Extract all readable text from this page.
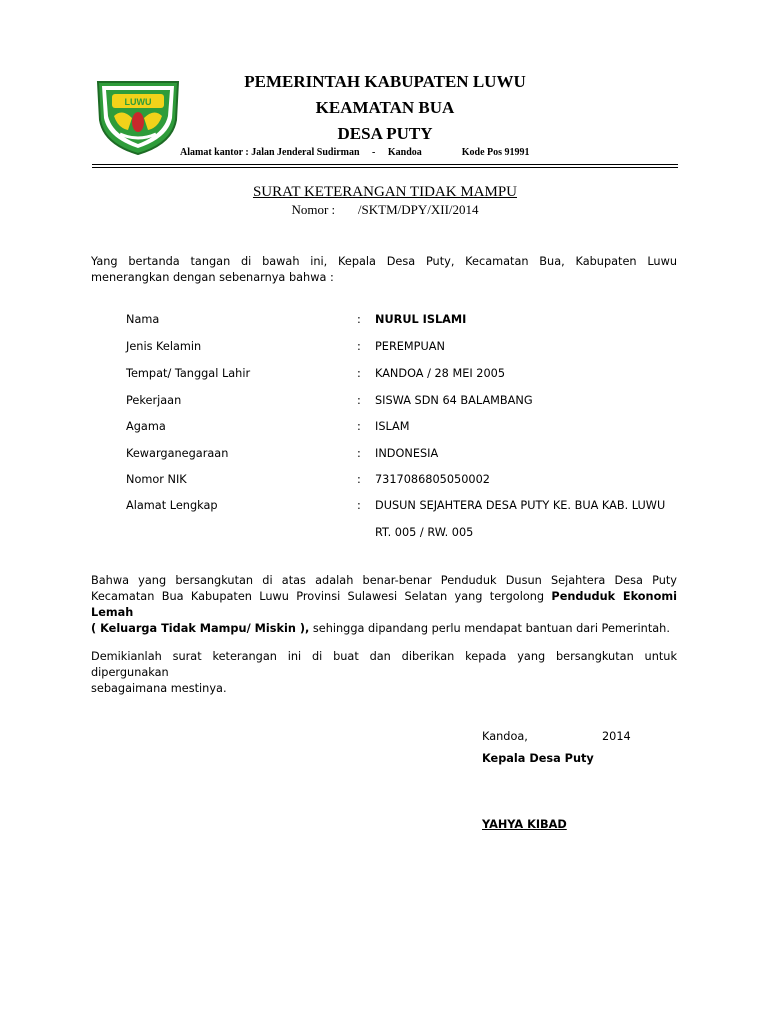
LUWU
PEMERINTAH KABUPATEN LUWU
KEAMATAN BUA
DESA PUTY
Alamat kantor : Jalan Jenderal Sudirman     -     Kandoa                Kode Pos 91991
SURAT KETERANGAN TIDAK MAMPU
Nomor :       /SKTM/DPY/XII/2014
Yang bertanda tangan di bawah ini, Kepala Desa Puty, Kecamatan Bua, Kabupaten Luwu
menerangkan dengan sebenarnya bahwa :
Nama	: NURUL ISLAMI
Jenis Kelamin	: PEREMPUAN
Tempat/ Tanggal Lahir	: KANDOA / 28 MEI 2005
Pekerjaan	: SISWA SDN 64 BALAMBANG
Agama	: ISLAM
Kewarganegaraan	: INDONESIA
Nomor NIK	: 7317086805050002
Alamat Lengkap	: DUSUN SEJAHTERA DESA PUTY KE. BUA KAB. LUWU
RT. 005 / RW. 005
Bahwa yang bersangkutan di atas adalah benar-benar Penduduk Dusun Sejahtera Desa Puty
Kecamatan Bua Kabupaten Luwu Provinsi Sulawesi Selatan yang tergolong Penduduk Ekonomi Lemah
( Keluarga Tidak Mampu/ Miskin ), sehingga dipandang perlu mendapat bantuan dari Pemerintah.
Demikianlah surat keterangan ini di buat dan diberikan kepada yang bersangkutan untuk dipergunakan
sebagaimana mestinya.
Kandoa,	2014
Kepala Desa Puty
YAHYA KIBAD
